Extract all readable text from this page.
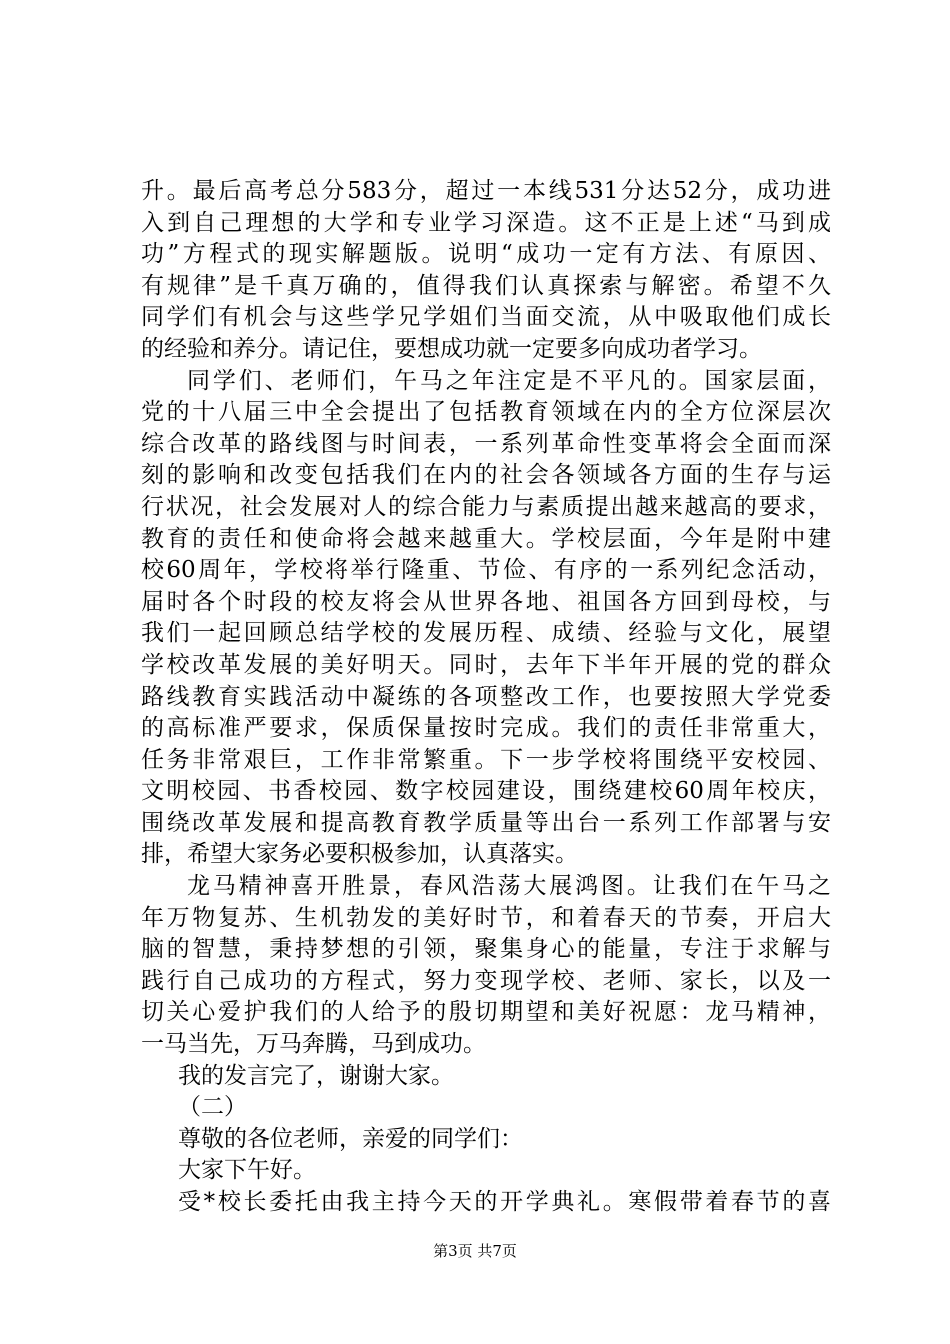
升。最后高考总分583分，超过一本线531分达52分，成功进
入到自己理想的大学和专业学习深造。这不正是上述“马到成
功”方程式的现实解题版。说明“成功一定有方法、有原因、
有规律”是千真万确的，值得我们认真探索与解密。希望不久
同学们有机会与这些学兄学姐们当面交流，从中吸取他们成长
的经验和养分。请记住，要想成功就一定要多向成功者学习。
同学们、老师们，午马之年注定是不平凡的。国家层面，
党的十八届三中全会提出了包括教育领域在内的全方位深层次
综合改革的路线图与时间表，一系列革命性变革将会全面而深
刻的影响和改变包括我们在内的社会各领域各方面的生存与运
行状况，社会发展对人的综合能力与素质提出越来越高的要求，
教育的责任和使命将会越来越重大。学校层面，今年是附中建
校60周年，学校将举行隆重、节俭、有序的一系列纪念活动，
届时各个时段的校友将会从世界各地、祖国各方回到母校，与
我们一起回顾总结学校的发展历程、成绩、经验与文化，展望
学校改革发展的美好明天。同时，去年下半年开展的党的群众
路线教育实践活动中凝练的各项整改工作，也要按照大学党委
的高标准严要求，保质保量按时完成。我们的责任非常重大，
任务非常艰巨，工作非常繁重。下一步学校将围绕平安校园、
文明校园、书香校园、数字校园建设，围绕建校60周年校庆，
围绕改革发展和提高教育教学质量等出台一系列工作部署与安
排，希望大家务必要积极参加，认真落实。
龙马精神喜开胜景，春风浩荡大展鸿图。让我们在午马之
年万物复苏、生机勃发的美好时节，和着春天的节奏，开启大
脑的智慧，秉持梦想的引领，聚集身心的能量，专注于求解与
践行自己成功的方程式，努力变现学校、老师、家长，以及一
切关心爱护我们的人给予的殷切期望和美好祝愿：龙马精神，
一马当先，万马奔腾，马到成功。
我的发言完了，谢谢大家。
（二）
尊敬的各位老师，亲爱的同学们：
大家下午好。
受*校长委托由我主持今天的开学典礼。寒假带着春节的喜
第3页 共7页
